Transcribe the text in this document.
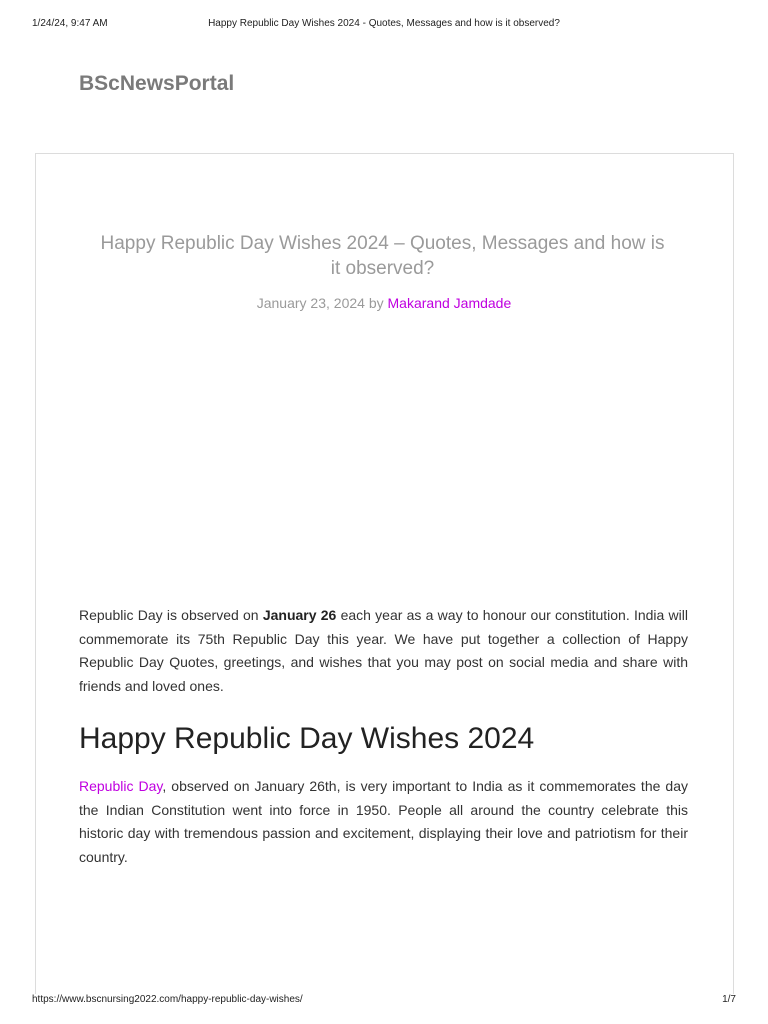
1/24/24, 9:47 AM	Happy Republic Day Wishes 2024 - Quotes, Messages and how is it observed?
BScNewsPortal
Happy Republic Day Wishes 2024 – Quotes, Messages and how is it observed?
January 23, 2024 by Makarand Jamdade

Republic Day is observed on January 26 each year as a way to honour our constitution. India will commemorate its 75th Republic Day this year. We have put together a collection of Happy Republic Day Quotes, greetings, and wishes that you may post on social media and share with friends and loved ones.

Happy Republic Day Wishes 2024

Republic Day, observed on January 26th, is very important to India as it commemorates the day the Indian Constitution went into force in 1950. People all around the country celebrate this historic day with tremendous passion and excitement, displaying their love and patriotism for their country.

https://www.bscnursing2022.com/happy-republic-day-wishes/	1/7
